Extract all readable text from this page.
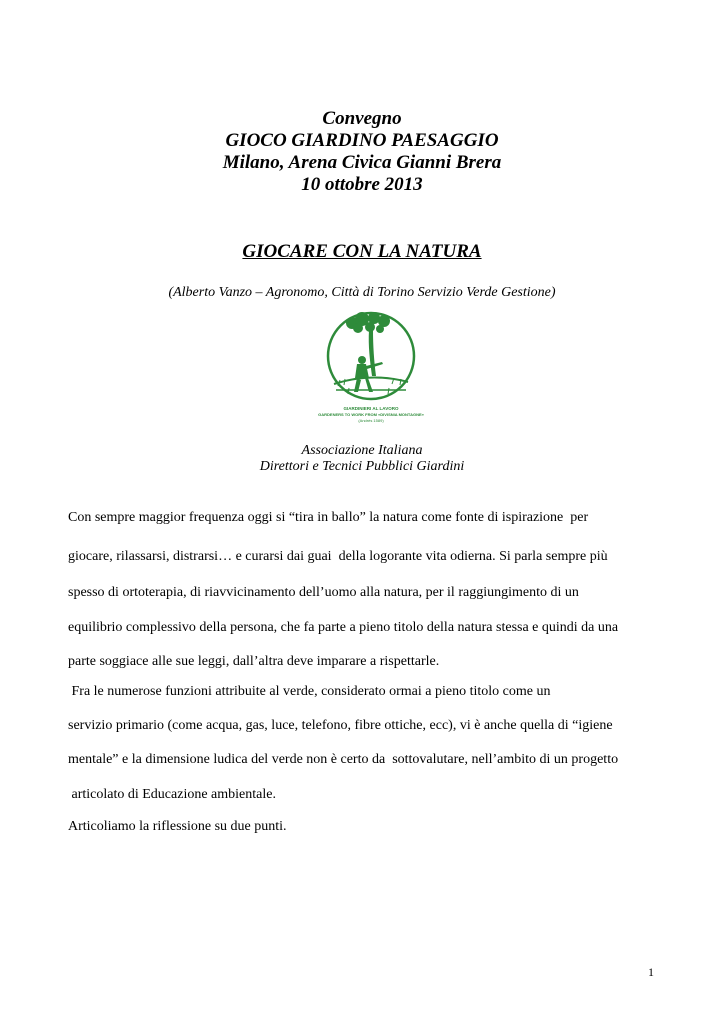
Convegno
GIOCO GIARDINO PAESAGGIO
Milano, Arena Civica Gianni Brera
10 ottobre 2013
GIOCARE CON LA NATURA
(Alberto Vanzo – Agronomo, Città di Torino Servizio Verde Gestione)
GIARDINIERI AL LAVORO
GARDENERS TO WORK FROM «DIVISNIA MONTAGNE»
(Andrès 1589)
Associazione Italiana
Direttori e Tecnici Pubblici Giardini
Con sempre maggior frequenza oggi si “tira in ballo” la natura come fonte di ispirazione  per
giocare, rilassarsi, distrarsi… e curarsi dai guai  della logorante vita odierna. Si parla sempre più
spesso di ortoterapia, di riavvicinamento dell’uomo alla natura, per il raggiungimento di un
equilibrio complessivo della persona, che fa parte a pieno titolo della natura stessa e quindi da una
parte soggiace alle sue leggi, dall’altra deve imparare a rispettarle.
Fra le numerose funzioni attribuite al verde, considerato ormai a pieno titolo come un
servizio primario (come acqua, gas, luce, telefono, fibre ottiche, ecc), vi è anche quella di “igiene
mentale” e la dimensione ludica del verde non è certo da  sottovalutare, nell’ambito di un progetto
articolato di Educazione ambientale.
Articoliamo la riflessione su due punti.
1
